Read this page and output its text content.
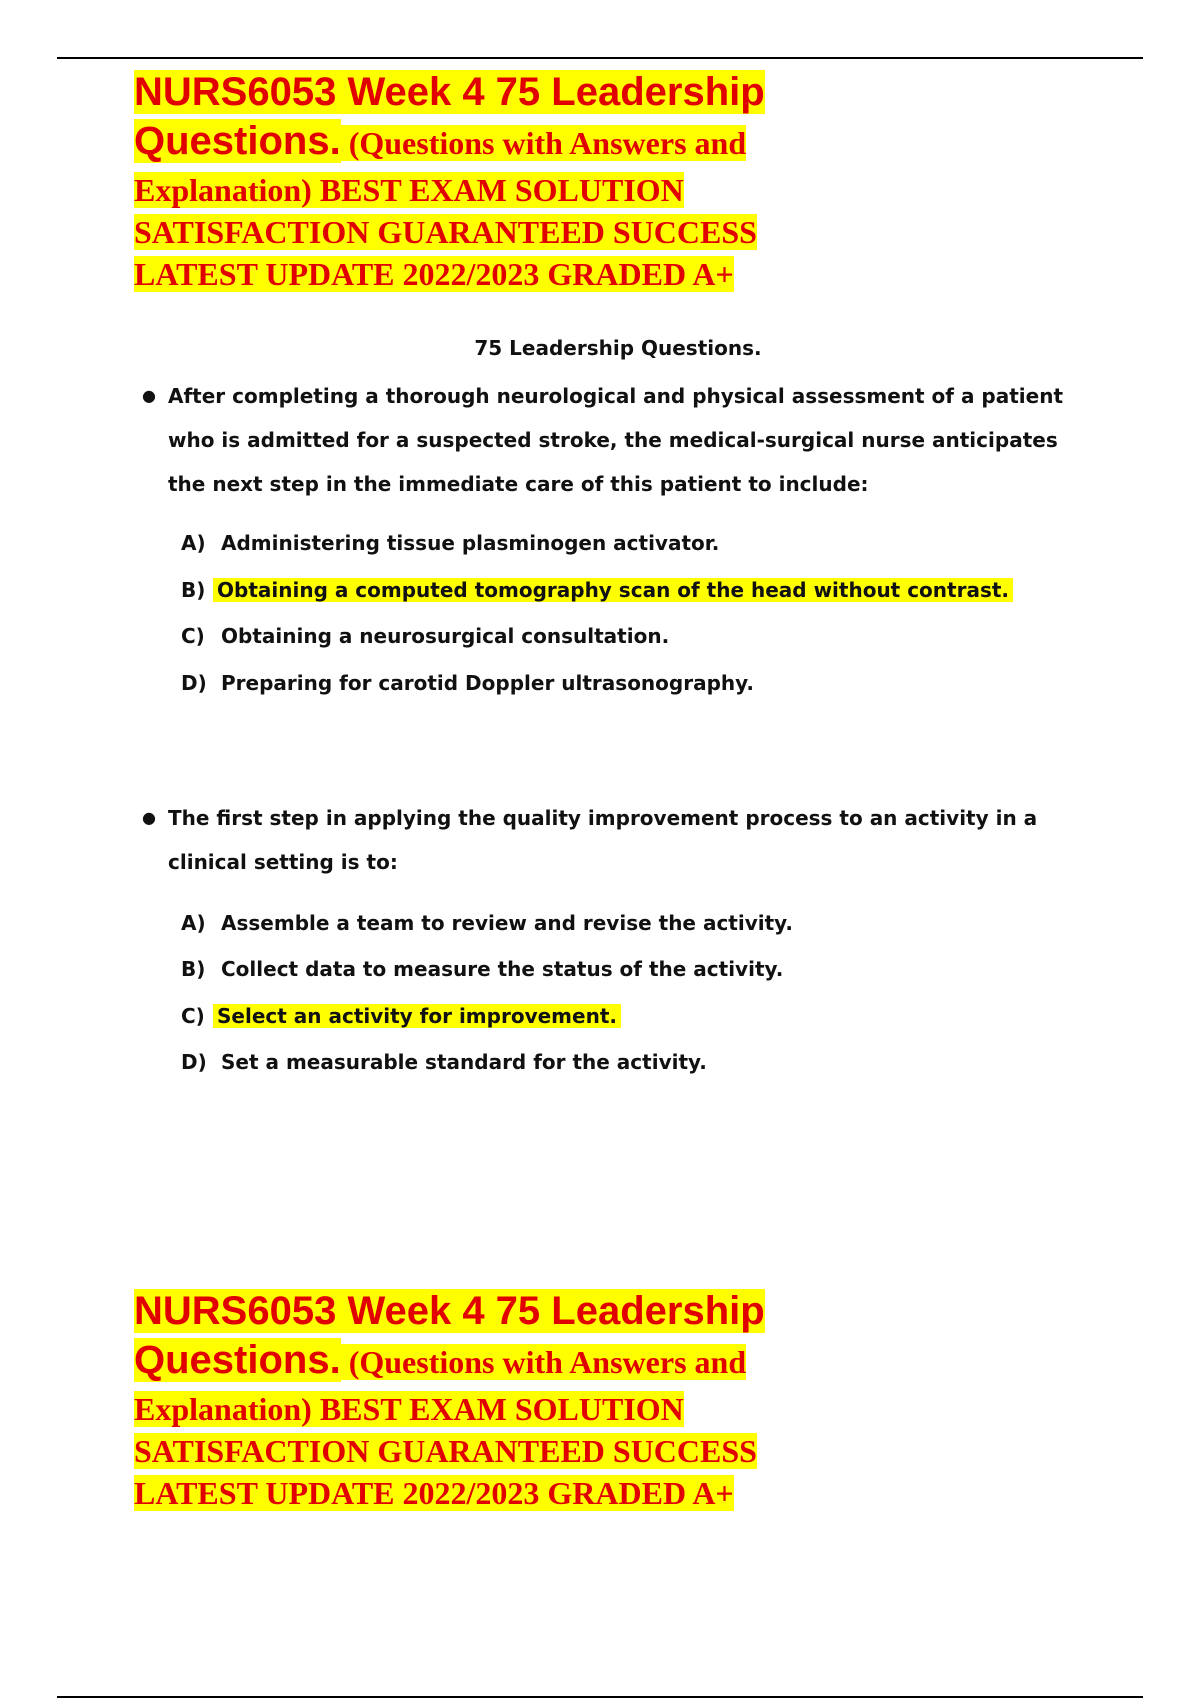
NURS6053 Week 4 75 Leadership
Questions. (Questions with Answers and
Explanation) BEST EXAM SOLUTION
SATISFACTION GUARANTEED SUCCESS
LATEST UPDATE 2022/2023 GRADED A+
75 Leadership Questions.
● After completing a thorough neurological and physical assessment of a patient who is admitted for a suspected stroke, the medical-surgical nurse anticipates the next step in the immediate care of this patient to include:
A) Administering tissue plasminogen activator.
B) Obtaining a computed tomography scan of the head without contrast.
C) Obtaining a neurosurgical consultation.
D) Preparing for carotid Doppler ultrasonography.
● The first step in applying the quality improvement process to an activity in a clinical setting is to:
A) Assemble a team to review and revise the activity.
B) Collect data to measure the status of the activity.
C) Select an activity for improvement.
D) Set a measurable standard for the activity.
NURS6053 Week 4 75 Leadership
Questions. (Questions with Answers and
Explanation) BEST EXAM SOLUTION
SATISFACTION GUARANTEED SUCCESS
LATEST UPDATE 2022/2023 GRADED A+
